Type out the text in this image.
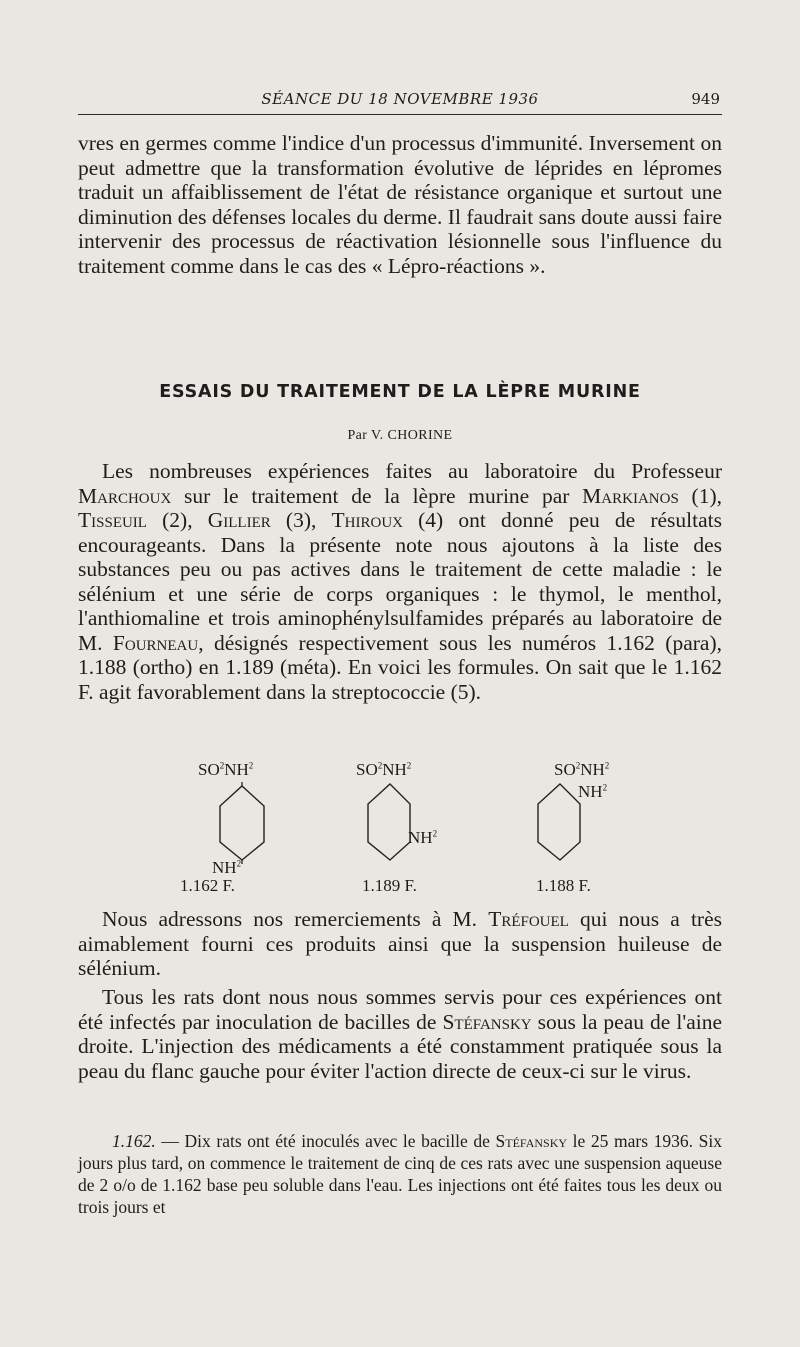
SÉANCE DU 18 NOVEMBRE 1936	949
vres en germes comme l'indice d'un processus d'immunité. Inversement on peut admettre que la transformation évolutive de léprides en lépromes traduit un affaiblissement de l'état de résistance organique et surtout une diminution des défenses locales du derme. Il faudrait sans doute aussi faire intervenir des processus de réactivation lésionnelle sous l'influence du traitement comme dans le cas des « Lépro-réactions ».
ESSAIS DU TRAITEMENT DE LA LÈPRE MURINE
Par V. CHORINE
Les nombreuses expériences faites au laboratoire du Professeur Marchoux sur le traitement de la lèpre murine par Markianos (1), Tisseuil (2), Gillier (3), Thiroux (4) ont donné peu de résultats encourageants. Dans la présente note nous ajoutons à la liste des substances peu ou pas actives dans le traitement de cette maladie : le sélénium et une série de corps organiques : le thymol, le menthol, l'anthiomaline et trois aminophénylsulfamides préparés au laboratoire de M. Fourneau, désignés respectivement sous les numéros 1.162 (para), 1.188 (ortho) en 1.189 (méta). En voici les formules. On sait que le 1.162 F. agit favorablement dans la streptococcie (5).
$SO^2NH^2$
$NH^2$
1.162 F.
$SO^2NH^2$
$NH^2$
1.189 F.
$SO^2NH^2$
$NH^2$
1.188 F.
Nous adressons nos remerciements à M. Tréfouel qui nous a très aimablement fourni ces produits ainsi que la suspension huileuse de sélénium.
Tous les rats dont nous nous sommes servis pour ces expériences ont été infectés par inoculation de bacilles de Stéfansky sous la peau de l'aine droite. L'injection des médicaments a été constamment pratiquée sous la peau du flanc gauche pour éviter l'action directe de ceux-ci sur le virus.
1.162. — Dix rats ont été inoculés avec le bacille de Stéfansky le 25 mars 1936. Six jours plus tard, on commence le traitement de cinq de ces rats avec une suspension aqueuse de 2 o/o de 1.162 base peu soluble dans l'eau. Les injections ont été faites tous les deux ou trois jours et
